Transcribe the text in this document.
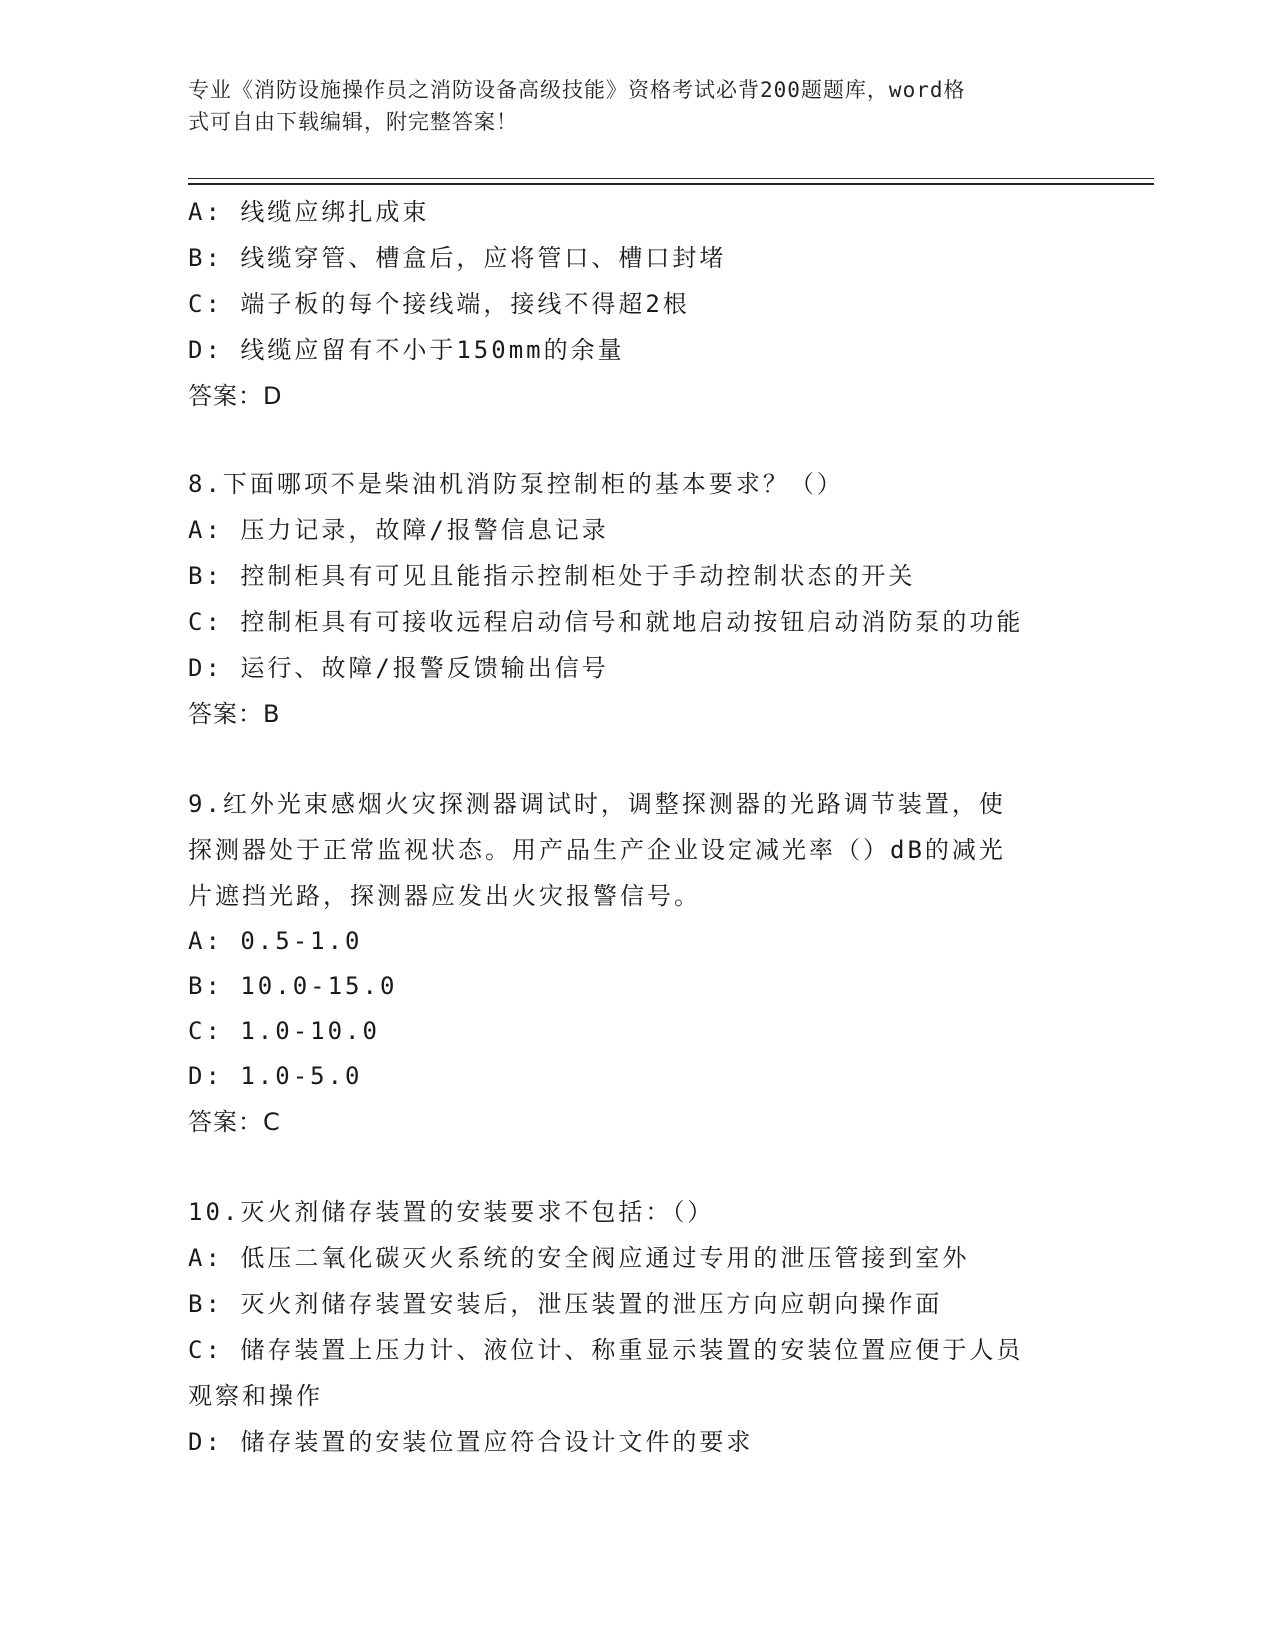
专业《消防设施操作员之消防设备高级技能》资格考试必背200题题库，word格
式可自由下载编辑，附完整答案！
A: 线缆应绑扎成束
B: 线缆穿管、槽盒后，应将管口、槽口封堵
C: 端子板的每个接线端，接线不得超2根
D: 线缆应留有不小于150mm的余量
答案：D
8.下面哪项不是柴油机消防泵控制柜的基本要求？（）
A: 压力记录，故障/报警信息记录
B: 控制柜具有可见且能指示控制柜处于手动控制状态的开关
C: 控制柜具有可接收远程启动信号和就地启动按钮启动消防泵的功能
D: 运行、故障/报警反馈输出信号
答案：B
9.红外光束感烟火灾探测器调试时，调整探测器的光路调节装置，使
探测器处于正常监视状态。用产品生产企业设定减光率（）dB的减光
片遮挡光路，探测器应发出火灾报警信号。
A: 0.5-1.0
B: 10.0-15.0
C: 1.0-10.0
D: 1.0-5.0
答案：C
10.灭火剂储存装置的安装要求不包括：（）
A: 低压二氧化碳灭火系统的安全阀应通过专用的泄压管接到室外
B: 灭火剂储存装置安装后，泄压装置的泄压方向应朝向操作面
C: 储存装置上压力计、液位计、称重显示装置的安装位置应便于人员
观察和操作
D: 储存装置的安装位置应符合设计文件的要求
